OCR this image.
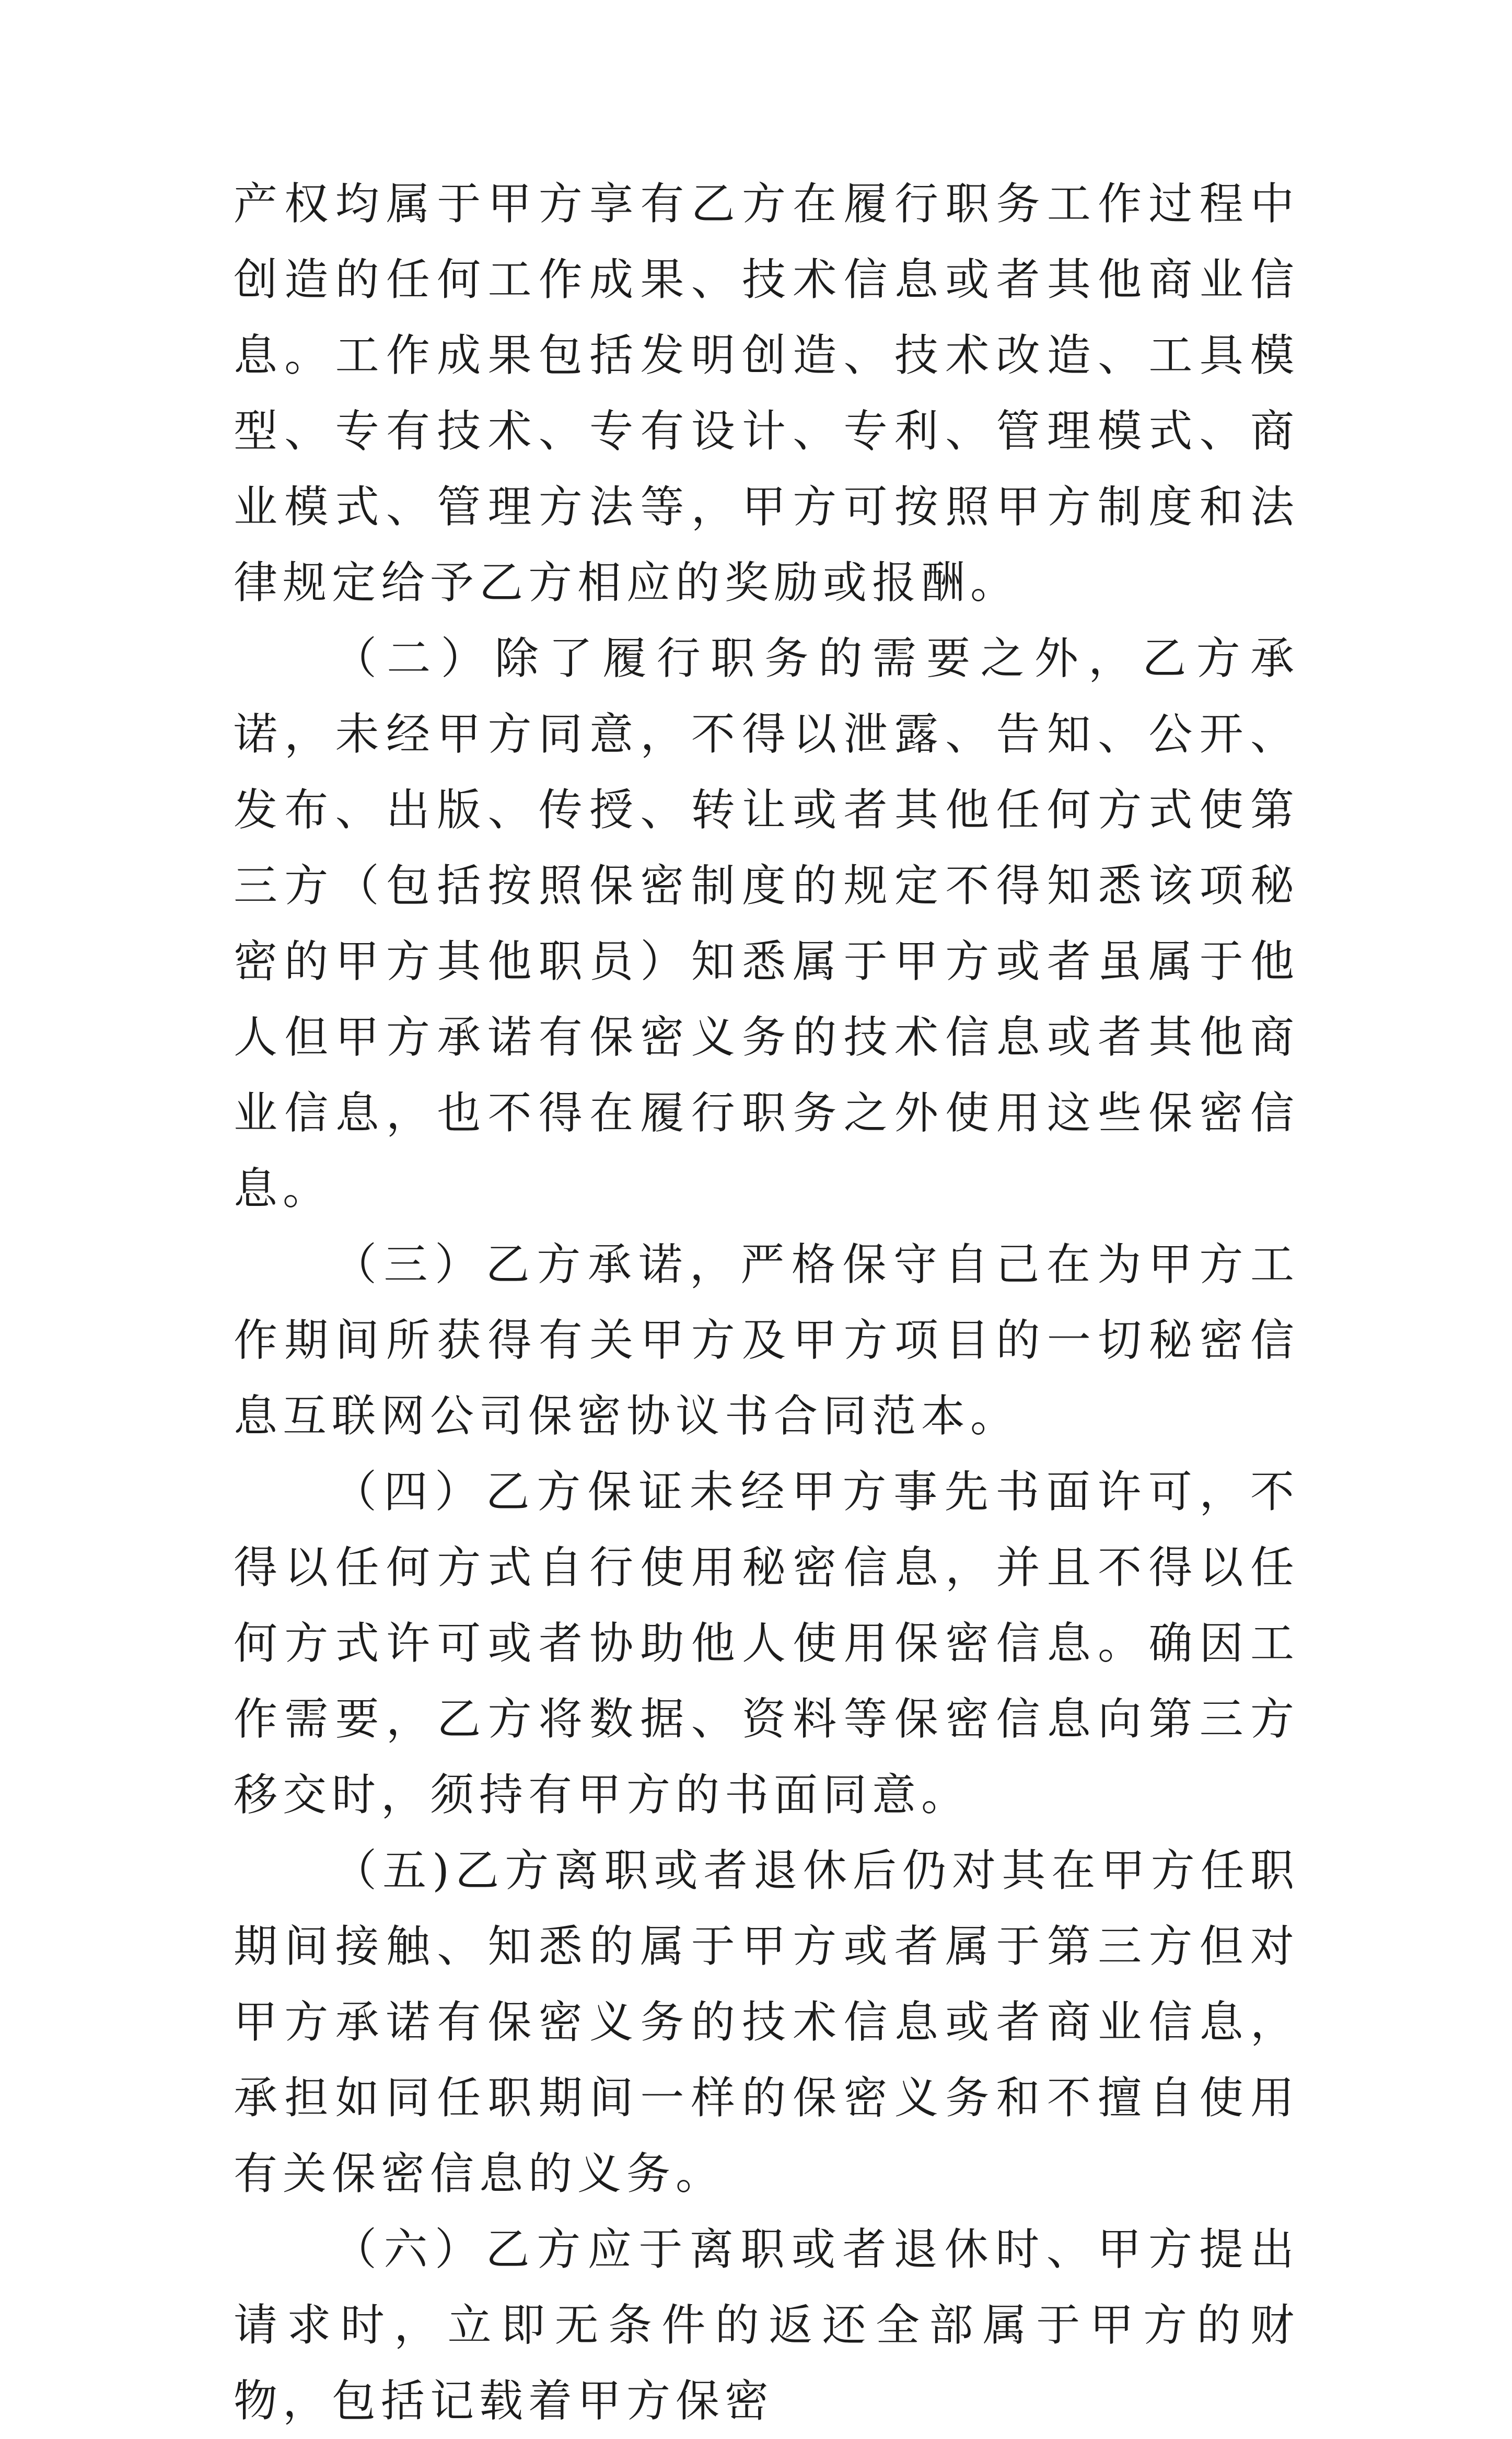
产权均属于甲方享有乙方在履行职务工作过程中创造的任何工作成果、技术信息或者其他商业信息。工作成果包括发明创造、技术改造、工具模型、专有技术、专有设计、专利、管理模式、商业模式、管理方法等，甲方可按照甲方制度和法律规定给予乙方相应的奖励或报酬。

（二）除了履行职务的需要之外，乙方承诺，未经甲方同意，不得以泄露、告知、公开、发布、出版、传授、转让或者其他任何方式使第三方（包括按照保密制度的规定不得知悉该项秘密的甲方其他职员）知悉属于甲方或者虽属于他人但甲方承诺有保密义务的技术信息或者其他商业信息，也不得在履行职务之外使用这些保密信息。

（三）乙方承诺，严格保守自己在为甲方工作期间所获得有关甲方及甲方项目的一切秘密信息互联网公司保密协议书合同范本。

（四）乙方保证未经甲方事先书面许可，不得以任何方式自行使用秘密信息，并且不得以任何方式许可或者协助他人使用保密信息。确因工作需要，乙方将数据、资料等保密信息向第三方移交时，须持有甲方的书面同意。

（五)乙方离职或者退休后仍对其在甲方任职期间接触、知悉的属于甲方或者属于第三方但对甲方承诺有保密义务的技术信息或者商业信息，承担如同任职期间一样的保密义务和不擅自使用有关保密信息的义务。

（六）乙方应于离职或者退休时、甲方提出请求时，立即无条件的返还全部属于甲方的财物，包括记载着甲方保密
